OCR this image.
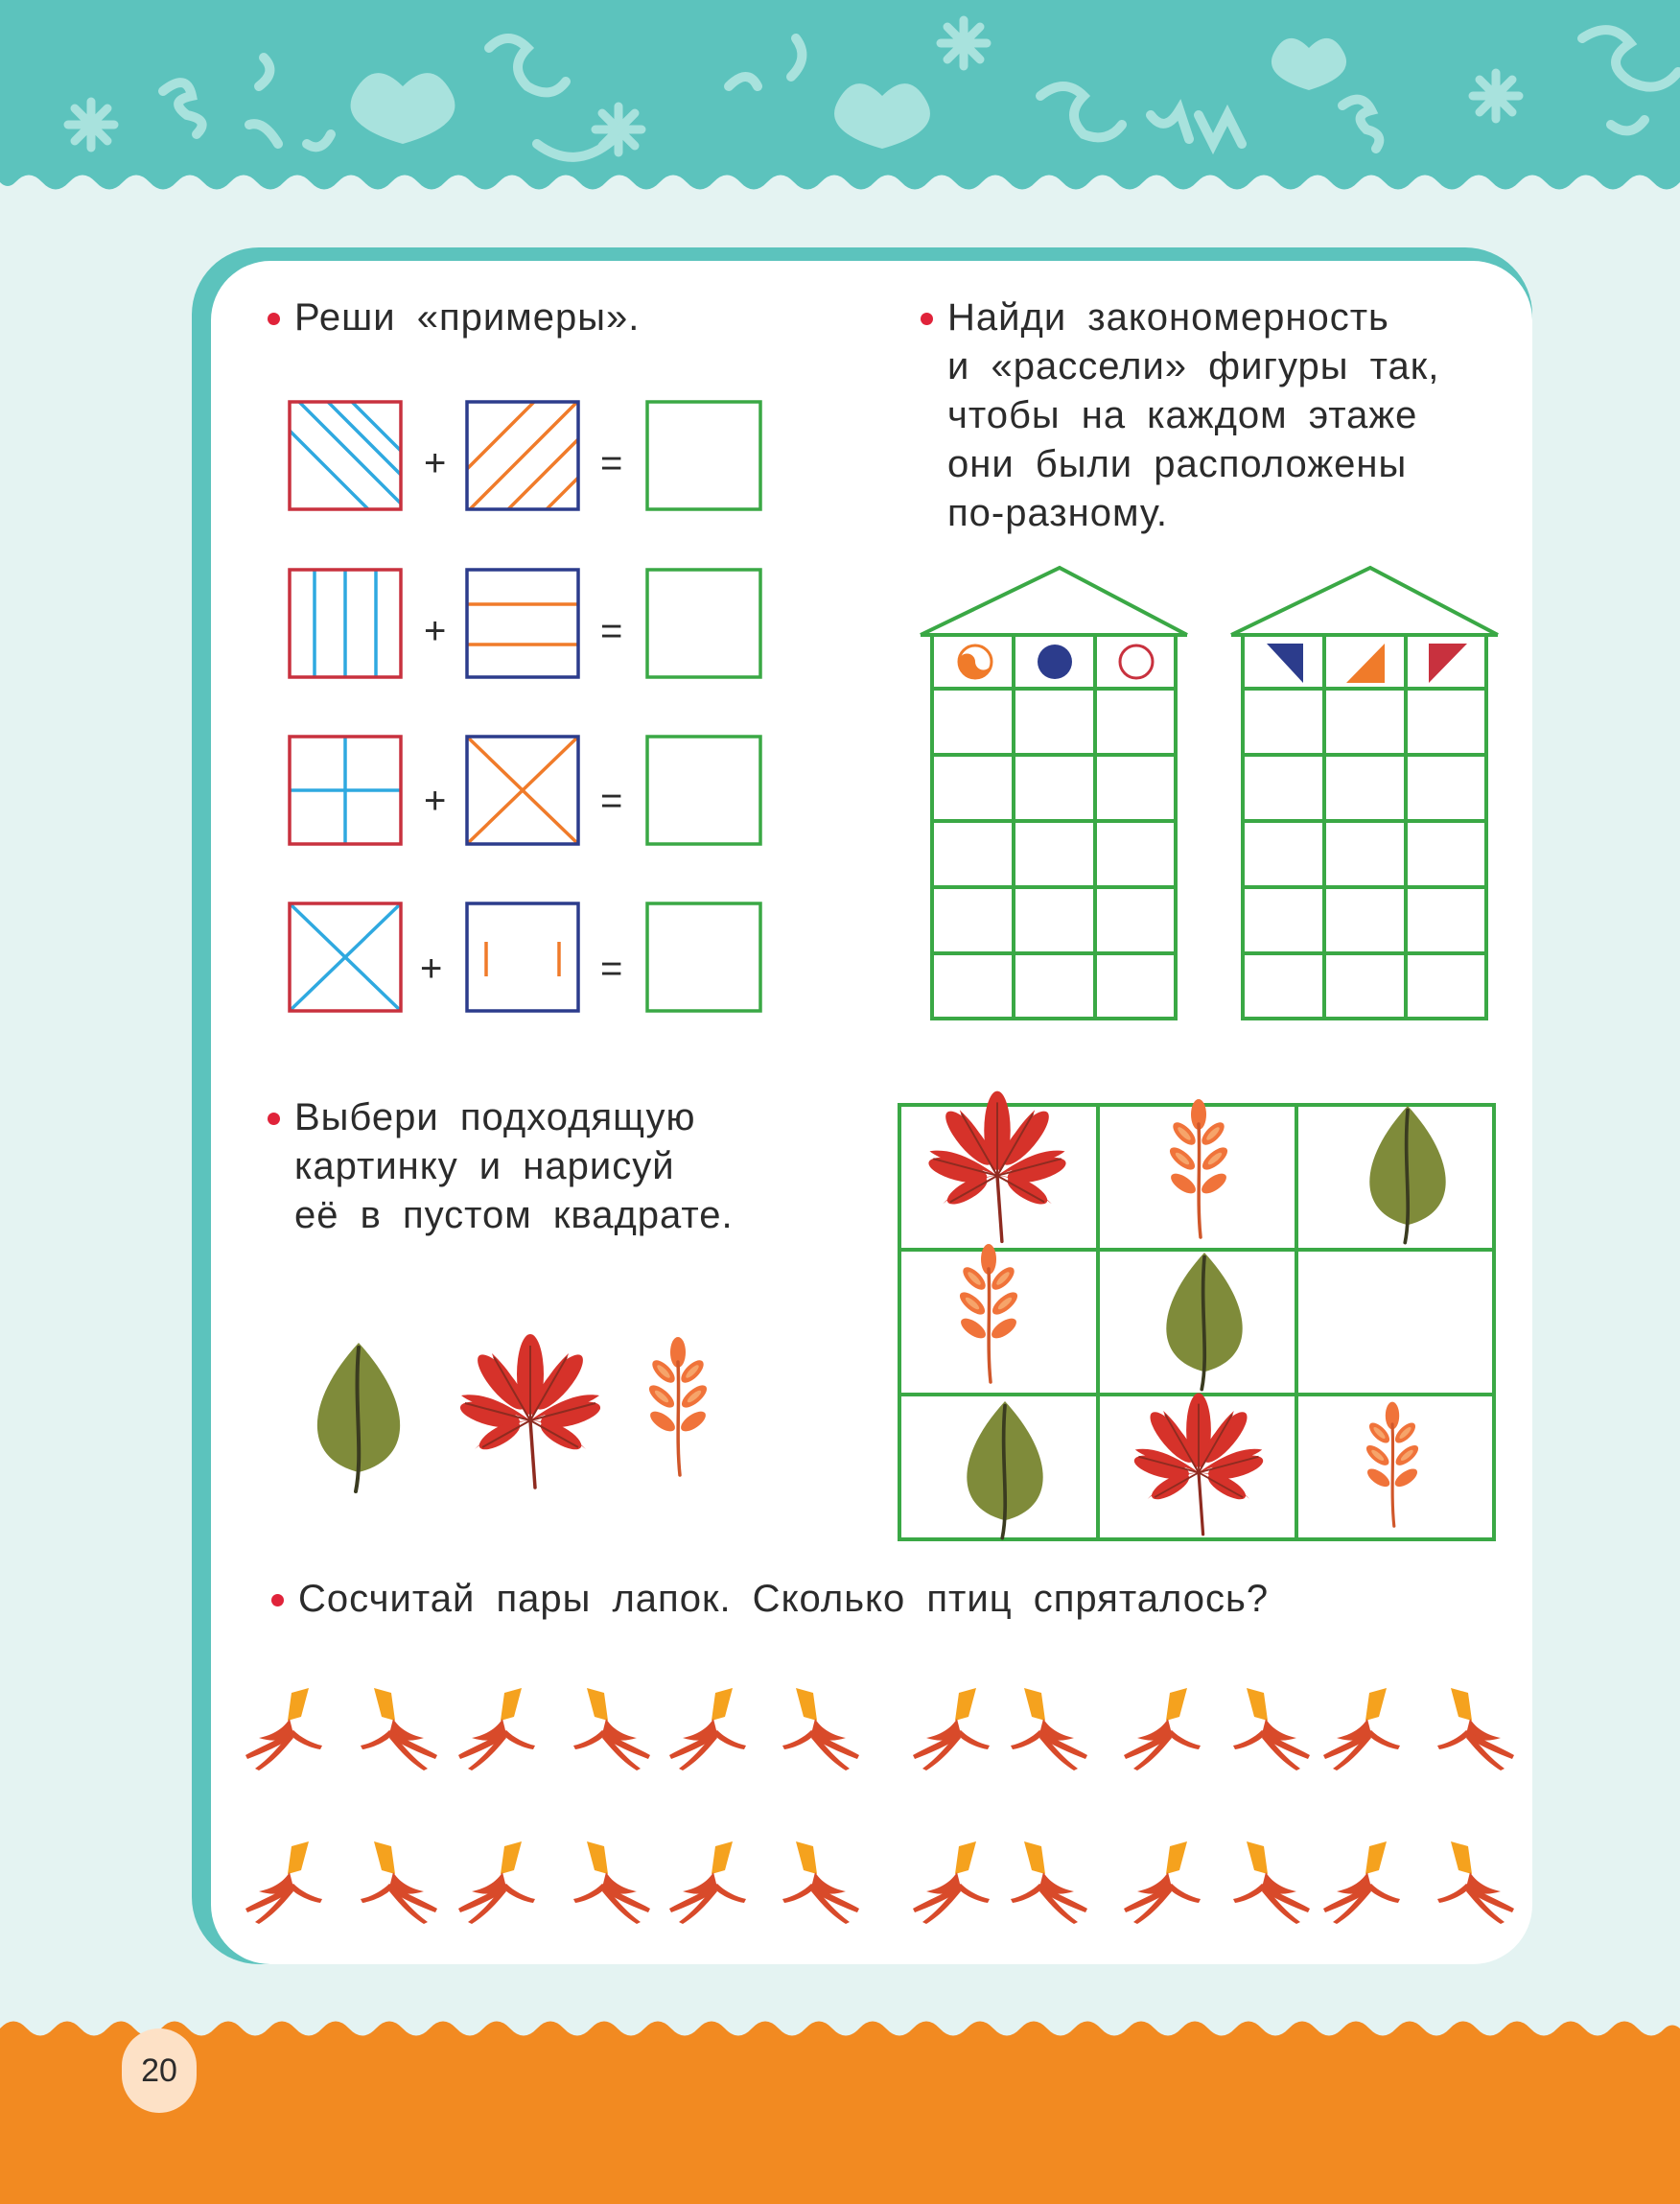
Реши «примеры».	Найди закономерность
и «рассели» фигуры так,
чтобы на каждом этаже
они были расположены
по-разному.
Выбери подходящую
картинку и нарисуй
её в пустом квадрате.
Сосчитай пары лапок. Сколько птиц спряталось?
+	=
+	=
+	=
+	=
20
